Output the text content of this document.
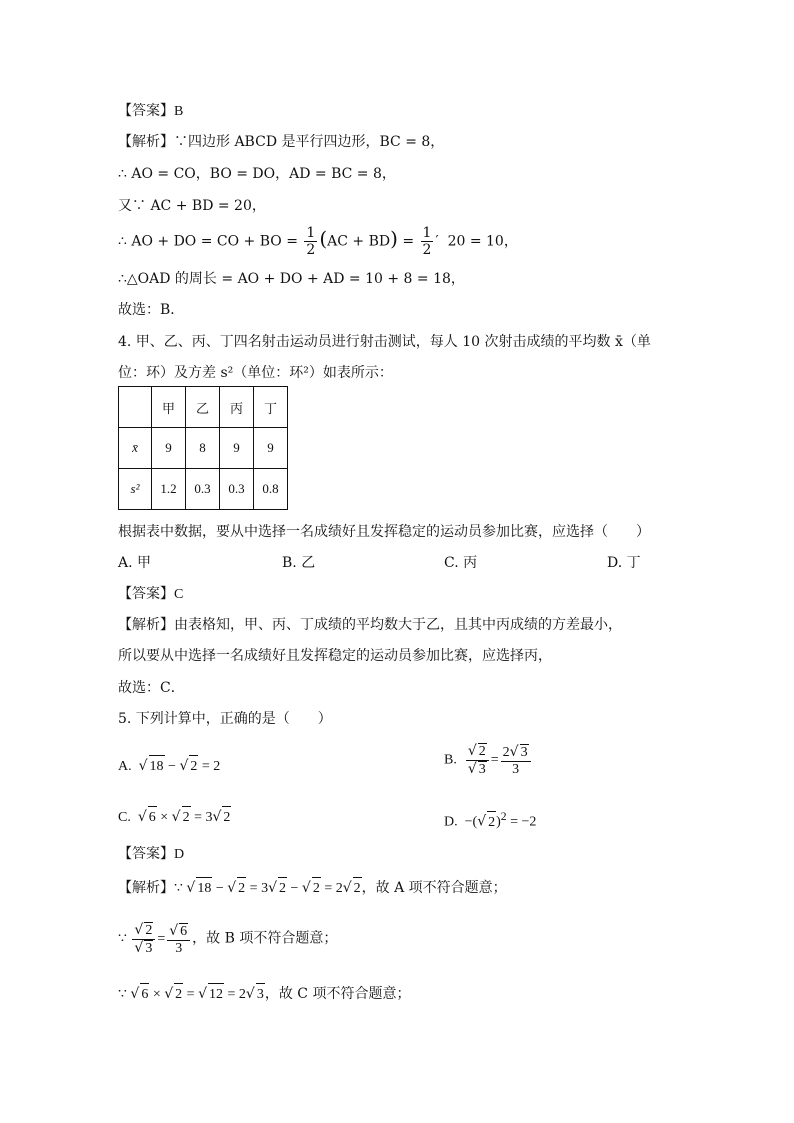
【答案】B
【解析】∵四边形 ABCD 是平行四边形，BC = 8，
∴ AO = CO，BO = DO，AD = BC = 8，
又∵ AC + BD = 20，
∴ AO + DO = CO + BO = $\frac{1}{2} (AC + BD) = \frac{1}{2}$ ′  20 = 10，
∴△OAD 的周长 = AO + DO + AD = 10 + 8 = 18，
故选：B．
4. 甲、乙、丙、丁四名射击运动员进行射击测试，每人 10 次射击成绩的平均数 x̄（单
位：环）及方差 s²（单位：环²）如表所示：
	甲	乙	丙	丁
x̄	9	8	9	9
s²	1.2	0.3	0.3	0.8
根据表中数据，要从中选择一名成绩好且发挥稳定的运动员参加比赛，应选择（　　）
A. 甲	B. 乙	C. 丙	D. 丁
【答案】C
【解析】由表格知，甲、丙、丁成绩的平均数大于乙，且其中丙成绩的方差最小，
所以要从中选择一名成绩好且发挥稳定的运动员参加比赛，应选择丙，
故选：C．
5. 下列计算中，正确的是（　　）
A. √ 18 − √ 2 = 2	B. $\frac{√ 2}{√ 3} = \frac{2√ 3}{3}$
C. √ 6 × √ 2 = 3√ 2	D.  −(√ 2)$^2$ = −2
【答案】D
【解析】∵ √ 18 − √ 2 = 3√ 2 − √ 2 = 2√ 2，故 A 项不符合题意；
∵ $\frac{√ 2}{√ 3} = \frac{√ 6}{3}$ ，故 B 项不符合题意；
∵ √ 6 × √ 2 = √ 12 = 2√ 3，故 C 项不符合题意；
